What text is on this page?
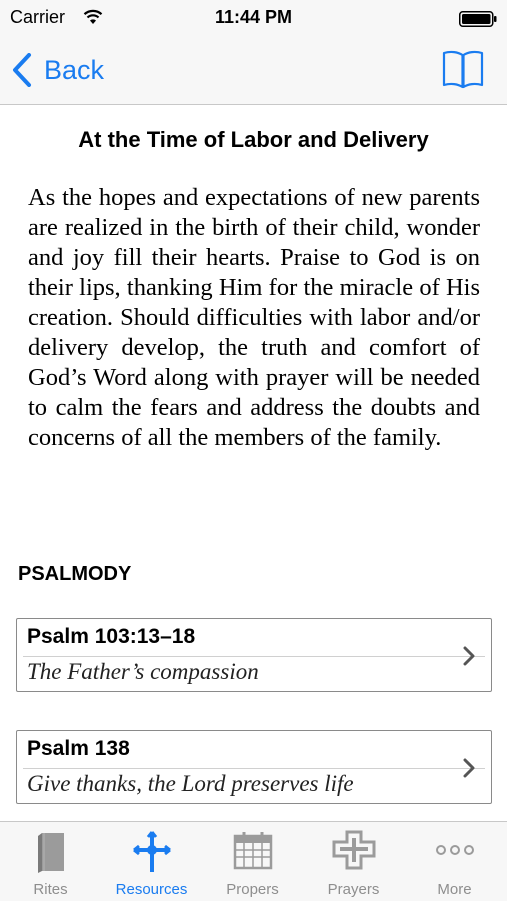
Carrier	11:44 PM
Back
At the Time of Labor and Delivery

As the hopes and expectations of new parents are realized in the birth of their child, wonder and joy fill their hearts. Praise to God is on their lips, thanking Him for the miracle of His creation. Should difficulties with labor and/or delivery develop, the truth and comfort of God’s Word along with prayer will be needed to calm the fears and address the doubts and concerns of all the members of the family.

PSALMODY
Psalm 103:13–18
The Father’s compassion
Psalm 138
Give thanks, the Lord preserves life
Rites	Resources	Propers	Prayers	More
